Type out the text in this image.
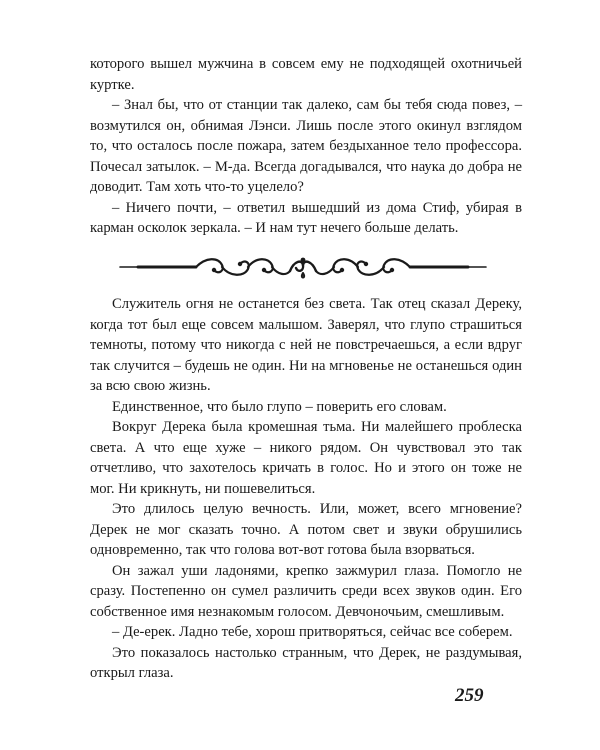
которого вышел мужчина в совсем ему не подходящей охотничьей куртке.

– Знал бы, что от станции так далеко, сам бы тебя сюда повез, – возмутился он, обнимая Лэнси. Лишь после этого окинул взглядом то, что осталось после пожара, затем бездыханное тело профессора. Почесал затылок. – М-да. Всегда догадывался, что наука до добра не доводит. Там хоть что-то уцелело?

– Ничего почти, – ответил вышедший из дома Стиф, убирая в карман осколок зеркала. – И нам тут нечего больше делать.

Служитель огня не останется без света. Так отец сказал Дереку, когда тот был еще совсем малышом. Заверял, что глупо страшиться темноты, потому что никогда с ней не повстречаешься, а если вдруг так случится – будешь не один. Ни на мгновенье не останешься один за всю свою жизнь.

Единственное, что было глупо – поверить его словам.

Вокруг Дерека была кромешная тьма. Ни малейшего проблеска света. А что еще хуже – никого рядом. Он чувствовал это так отчетливо, что захотелось кричать в голос. Но и этого он тоже не мог. Ни крикнуть, ни пошевелиться.

Это длилось целую вечность. Или, может, всего мгновение? Дерек не мог сказать точно. А потом свет и звуки обрушились одновременно, так что голова вот-вот готова была взорваться.

Он зажал уши ладонями, крепко зажмурил глаза. Помогло не сразу. Постепенно он сумел различить среди всех звуков один. Его собственное имя незнакомым голосом. Девчоночьим, смешливым.

– Де-ерек. Ладно тебе, хорош притворяться, сейчас все соберем.

Это показалось настолько странным, что Дерек, не раздумывая, открыл глаза.

259
